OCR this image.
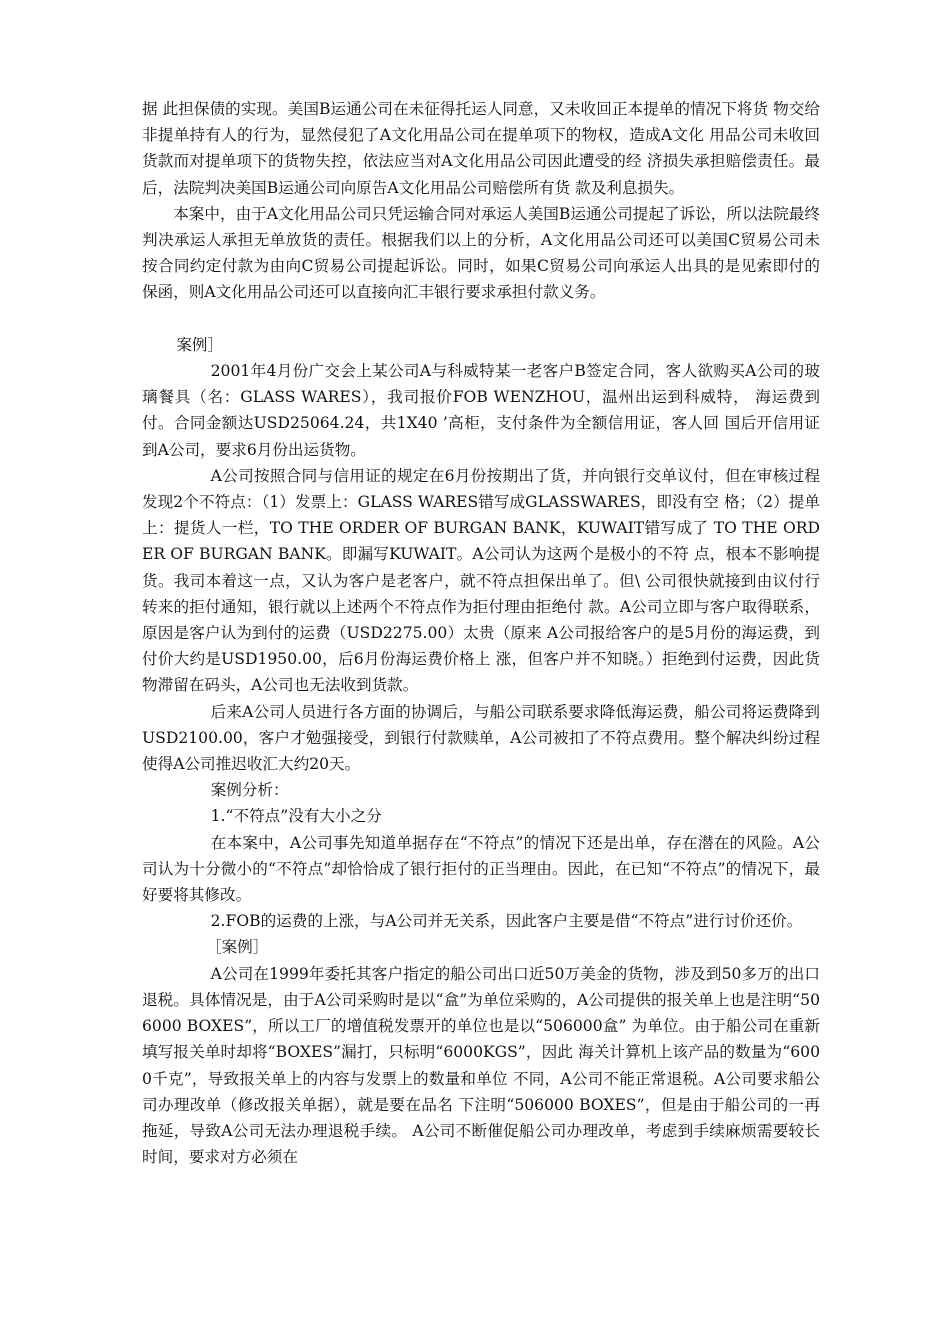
据 此担保债的实现。美国B运通公司在未征得托运人同意，又未收回正本提单的情况下将货 物交给非提单持有人的行为，显然侵犯了A文化用品公司在提单项下的物权，造成A文化 用品公司未收回货款而对提单项下的货物失控，依法应当对A文化用品公司因此遭受的经 济损失承担赔偿责任。最后，法院判决美国B运通公司向原告A文化用品公司赔偿所有货 款及利息损失。

本案中，由于A文化用品公司只凭运输合同对承运人美国B运通公司提起了诉讼，所以法院最终判决承运人承担无单放货的责任。根据我们以上的分析，A文化用品公司还可以美国C贸易公司未按合同约定付款为由向C贸易公司提起诉讼。同时，如果C贸易公司向承运人出具的是见索即付的保函，则A文化用品公司还可以直接向汇丰银行要求承担付款义务。

案例］

2001年4月份广交会上某公司A与科威特某一老客户B签定合同，客人欲购买A公司的玻璃餐具（名：GLASS WARES），我司报价FOB WENZHOU，温州出运到科威特， 海运费到付。合同金额达USD25064.24，共1X40 ’高柜，支付条件为全额信用证，客人回 国后开信用证到A公司，要求6月份出运货物。

A公司按照合同与信用证的规定在6月份按期出了货，并向银行交单议付，但在审核过程发现2个不符点：（1）发票上：GLASS WARES错写成GLASSWARES，即没有空 格；（2）提单上：提货人一栏，TO THE ORDER OF BURGAN BANK，KUWAIT错写成了 TO THE ORDER OF BURGAN BANK。即漏写KUWAIT。A公司认为这两个是极小的不符 点，根本不影响提货。我司本着这一点，又认为客户是老客户，就不符点担保出单了。但\ 公司很快就接到由议付行转来的拒付通知，银行就以上述两个不符点作为拒付理由拒绝付 款。A公司立即与客户取得联系，原因是客户认为到付的运费（USD2275.00）太贵（原来 A公司报给客户的是5月份的海运费，到付价大约是USD1950.00，后6月份海运费价格上 涨，但客户并不知晓。）拒绝到付运费，因此货物滞留在码头，A公司也无法收到货款。

后来A公司人员进行各方面的协调后，与船公司联系要求降低海运费，船公司将运费降到USD2100.00，客户才勉强接受，到银行付款赎单，A公司被扣了不符点费用。整个解决纠纷过程使得A公司推迟收汇大约20天。

案例分析：

1.“不符点”没有大小之分

在本案中，A公司事先知道单据存在“不符点”的情况下还是出单，存在潜在的风险。A公司认为十分微小的“不符点”却恰恰成了银行拒付的正当理由。因此，在已知“不符点”的情况下，最好要将其修改。

2.FOB的运费的上涨，与A公司并无关系，因此客户主要是借“不符点”进行讨价还价。

［案例］

A公司在1999年委托其客户指定的船公司出口近50万美金的货物，涉及到50多万的出口退税。具体情况是，由于A公司采购时是以“盒”为单位采购的，A公司提供的报关单上也是注明“506000 BOXES”，所以工厂的增值税发票开的单位也是以“506000盒” 为单位。由于船公司在重新填写报关单时却将“BOXES”漏打，只标明“6000KGS”，因此 海关计算机上该产品的数量为“6000千克”，导致报关单上的内容与发票上的数量和单位 不同，A公司不能正常退税。A公司要求船公司办理改单（修改报关单据），就是要在品名 下注明“506000 BOXES”，但是由于船公司的一再拖延，导致A公司无法办理退税手续。 A公司不断催促船公司办理改单，考虑到手续麻烦需要较长时间，要求对方必须在
